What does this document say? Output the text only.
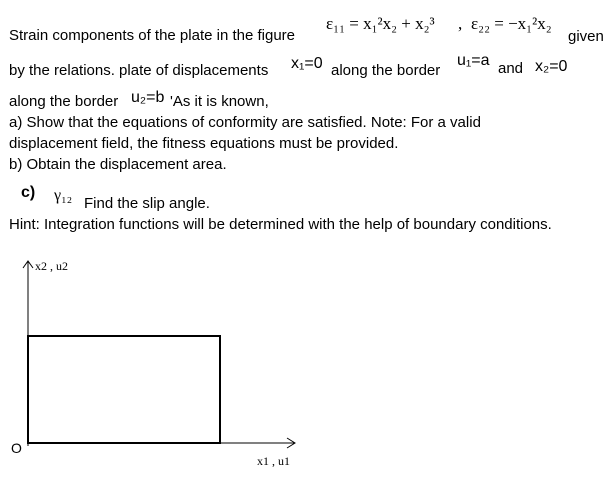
Strain components of the plate in the figure
ε₁₁ = x₁²x₂ + x₂³ , ε₂₂ = −x₁²x₂
given
by the relations. plate of displacements x₁=0 along the border
u₁=a and x₂=0
along the border u₂=b 'As it is known,
a) Show that the equations of conformity are satisfied. Note: For a valid
displacement field, the fitness equations must be provided.
b) Obtain the displacement area.
c) γ₁₂ Find the slip angle.
Hint: Integration functions will be determined with the help of boundary conditions.
x2 , u2
x1 , u1
O
